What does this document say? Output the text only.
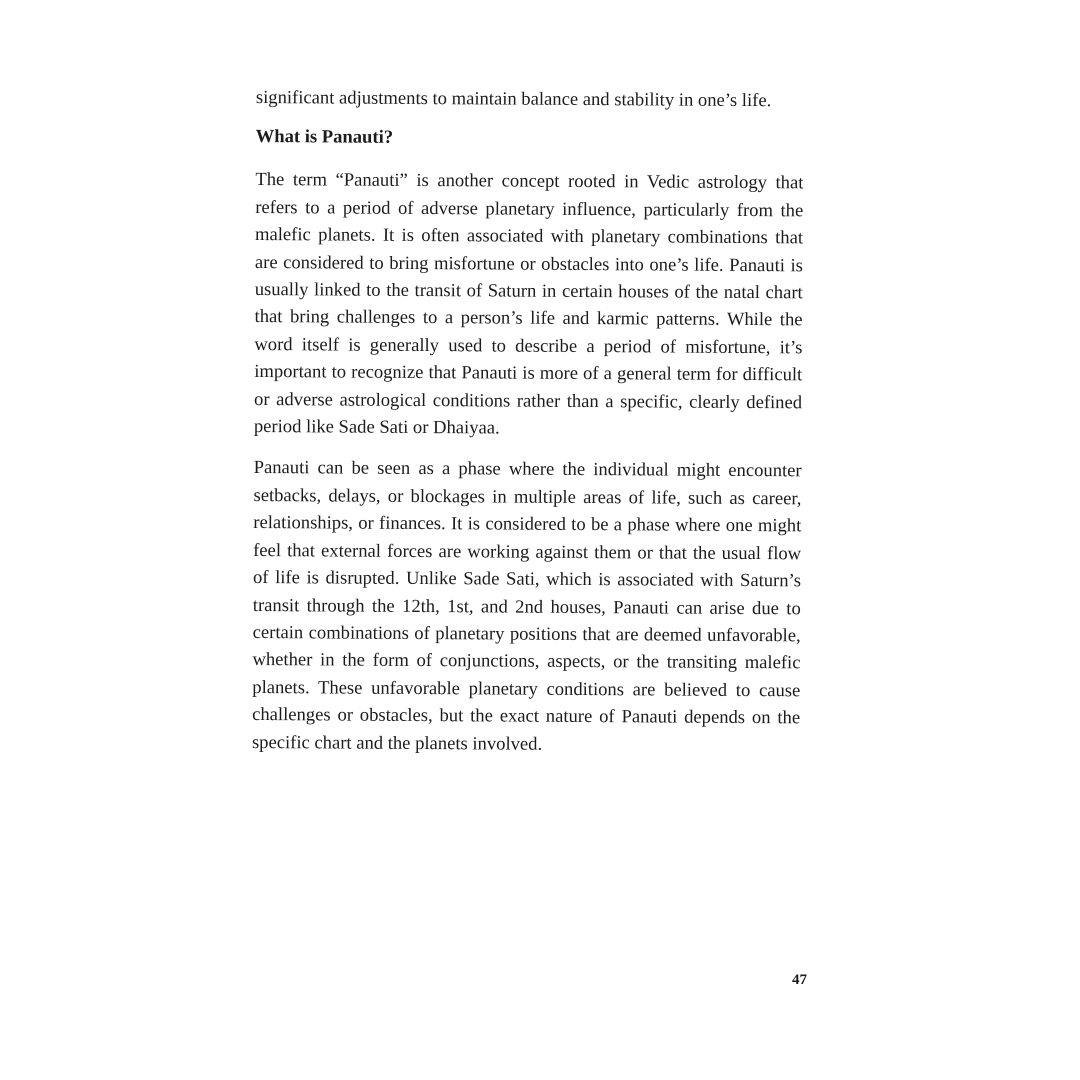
significant adjustments to maintain balance and stability in one’s life.

What is Panauti?

The term “Panauti” is another concept rooted in Vedic astrology that refers to a period of adverse planetary influence, particularly from the malefic planets. It is often associated with planetary combinations that are considered to bring misfortune or obstacles into one’s life. Panauti is usually linked to the transit of Saturn in certain houses of the natal chart that bring challenges to a person’s life and karmic patterns. While the word itself is generally used to describe a period of misfortune, it’s important to recognize that Panauti is more of a general term for difficult or adverse astrological conditions rather than a specific, clearly defined period like Sade Sati or Dhaiyaa.

Panauti can be seen as a phase where the individual might encounter setbacks, delays, or blockages in multiple areas of life, such as career, relationships, or finances. It is considered to be a phase where one might feel that external forces are working against them or that the usual flow of life is disrupted. Unlike Sade Sati, which is associated with Saturn’s transit through the 12th, 1st, and 2nd houses, Panauti can arise due to certain combinations of planetary positions that are deemed unfavorable, whether in the form of conjunctions, aspects, or the transiting malefic planets. These unfavorable planetary conditions are believed to cause challenges or obstacles, but the exact nature of Panauti depends on the specific chart and the planets involved.

47
